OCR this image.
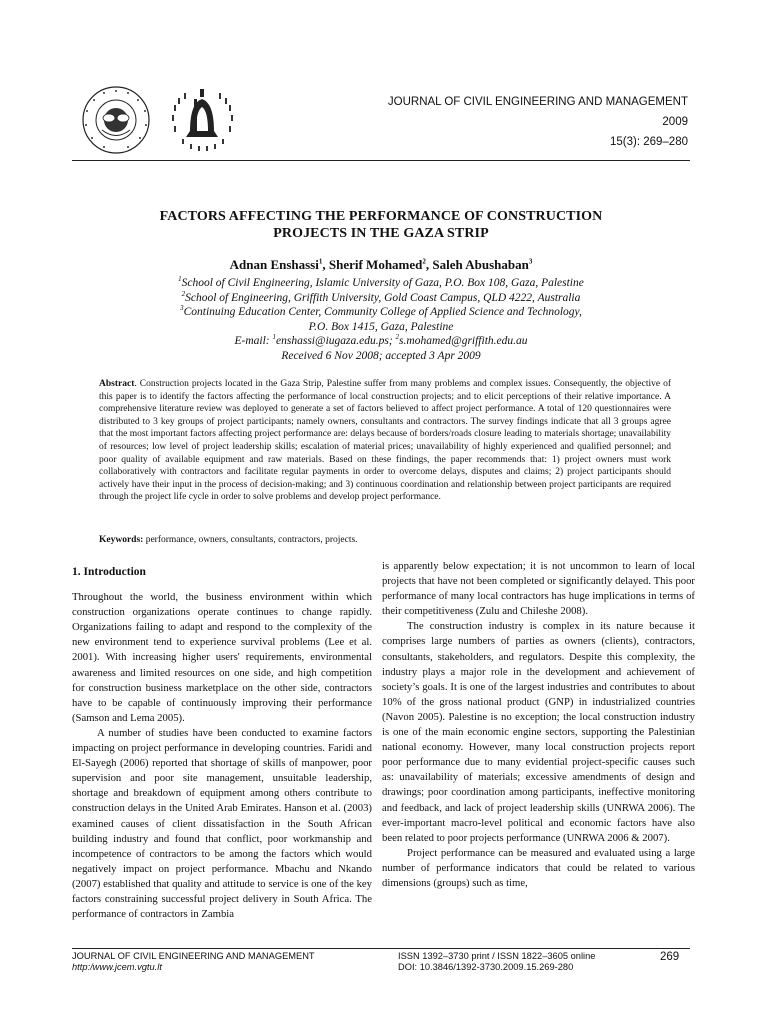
JOURNAL OF CIVIL ENGINEERING AND MANAGEMENT
2009
15(3): 269–280
FACTORS AFFECTING THE PERFORMANCE OF CONSTRUCTION
PROJECTS IN THE GAZA STRIP
Adnan Enshassi$^1$, Sherif Mohamed$^2$, Saleh Abushaban$^3$
$^1$School of Civil Engineering, Islamic University of Gaza, P.O. Box 108, Gaza, Palestine
$^2$School of Engineering, Griffith University, Gold Coast Campus, QLD 4222, Australia
$^3$Continuing Education Center, Community College of Applied Science and Technology,
P.O. Box 1415, Gaza, Palestine
E-mail: $^1$enshassi@iugaza.edu.ps; $^2$s.mohamed@griffith.edu.au
Received 6 Nov 2008; accepted 3 Apr 2009
Abstract. Construction projects located in the Gaza Strip, Palestine suffer from many problems and complex issues. Consequently, the objective of this paper is to identify the factors affecting the performance of local construction projects; and to elicit perceptions of their relative importance. A comprehensive literature review was deployed to generate a set of factors believed to affect project performance. A total of 120 questionnaires were distributed to 3 key groups of project participants; namely owners, consultants and contractors. The survey findings indicate that all 3 groups agree that the most important factors affecting project performance are: delays because of borders/roads closure leading to materials shortage; unavailability of resources; low level of project leadership skills; escalation of material prices; unavailability of highly experienced and qualified personnel; and poor quality of available equipment and raw materials. Based on these findings, the paper recommends that: 1) project owners must work collaboratively with contractors and facilitate regular payments in order to overcome delays, disputes and claims; 2) project participants should actively have their input in the process of decision-making; and 3) continuous coordination and relationship between project participants are required through the project life cycle in order to solve problems and develop project performance.
Keywords: performance, owners, consultants, contractors, projects.
1. Introduction

Throughout the world, the business environment within which construction organizations operate continues to change rapidly. Organizations failing to adapt and respond to the complexity of the new environment tend to experience survival problems (Lee et al. 2001). With increasing higher users' requirements, environmental awareness and limited resources on one side, and high competition for construction business marketplace on the other side, contractors have to be capable of continuously improving their performance (Samson and Lema 2005).

A number of studies have been conducted to examine factors impacting on project performance in developing countries. Faridi and El-Sayegh (2006) reported that shortage of skills of manpower, poor supervision and poor site management, unsuitable leadership, shortage and breakdown of equipment among others contribute to construction delays in the United Arab Emirates. Hanson et al. (2003) examined causes of client dissatisfaction in the South African building industry and found that conflict, poor workmanship and incompetence of contractors to be among the factors which would negatively impact on project performance. Mbachu and Nkando (2007) established that quality and attitude to service is one of the key factors constraining successful project delivery in South Africa. The performance of contractors in Zambia

is apparently below expectation; it is not uncommon to learn of local projects that have not been completed or significantly delayed. This poor performance of many local contractors has huge implications in terms of their competitiveness (Zulu and Chileshe 2008).

The construction industry is complex in its nature because it comprises large numbers of parties as owners (clients), contractors, consultants, stakeholders, and regulators. Despite this complexity, the industry plays a major role in the development and achievement of society’s goals. It is one of the largest industries and contributes to about 10% of the gross national product (GNP) in industrialized countries (Navon 2005). Palestine is no exception; the local construction industry is one of the main economic engine sectors, supporting the Palestinian national economy. However, many local construction projects report poor performance due to many evidential project-specific causes such as: unavailability of materials; excessive amendments of design and drawings; poor coordination among participants, ineffective monitoring and feedback, and lack of project leadership skills (UNRWA 2006). The ever-important macro-level political and economic factors have also been related to poor projects performance (UNRWA 2006 & 2007).

Project performance can be measured and evaluated using a large number of performance indicators that could be related to various dimensions (groups) such as time,

JOURNAL OF CIVIL ENGINEERING AND MANAGEMENT
http:/www.jcem.vgtu.lt
ISSN 1392–3730 print / ISSN 1822–3605 online
DOI: 10.3846/1392-3730.2009.15.269-280
269
